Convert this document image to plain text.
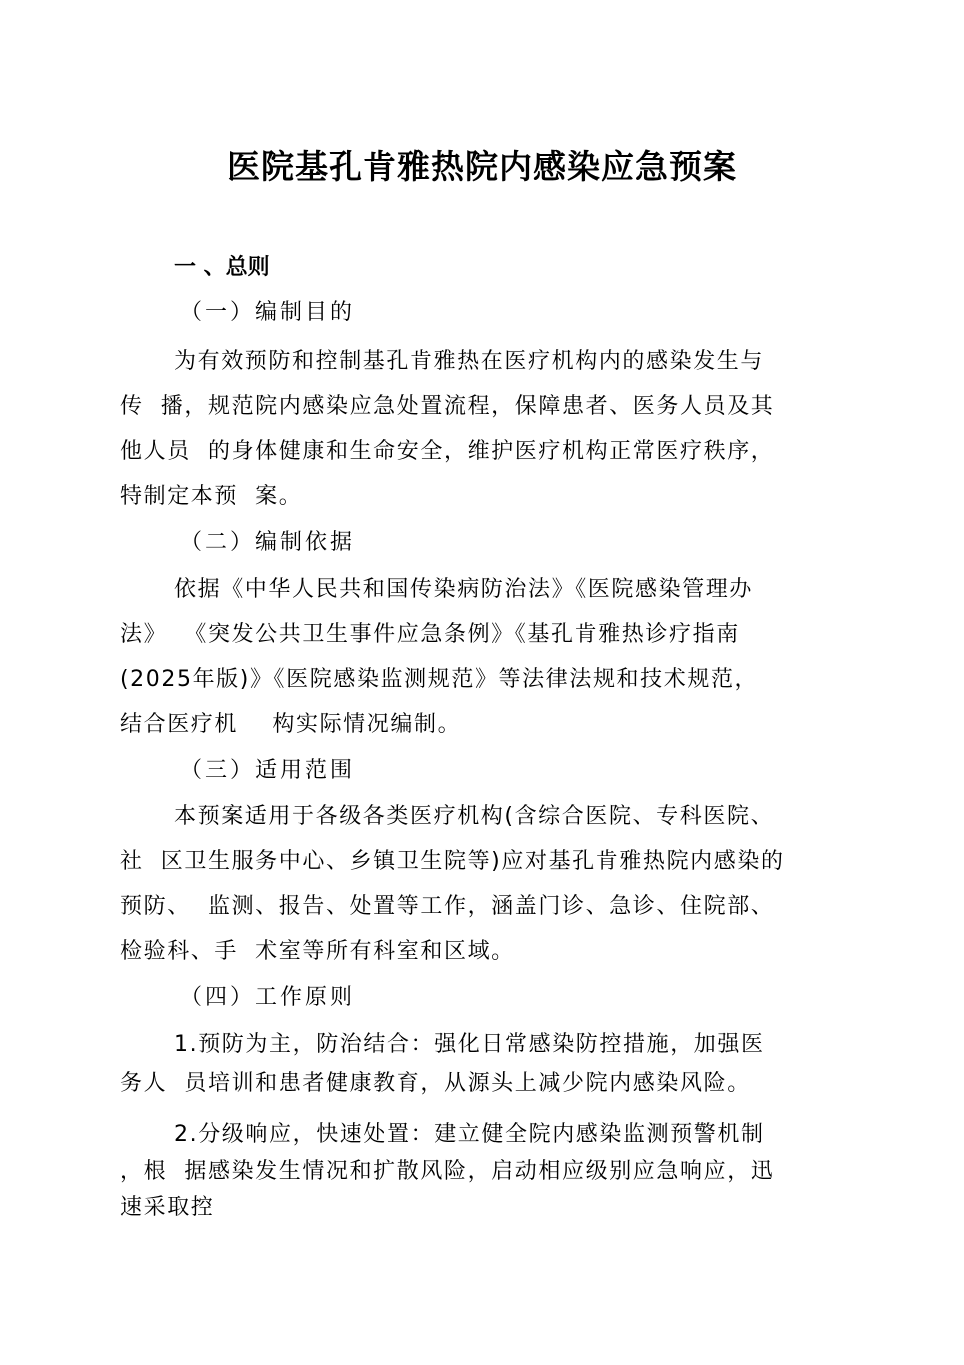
医院基孔肯雅热院内感染应急预案
一 、总则
（一）编制目的
为有效预防和控制基孔肯雅热在医疗机构内的感染发生与
传  播，规范院内感染应急处置流程，保障患者、医务人员及其
他人员  的身体健康和生命安全，维护医疗机构正常医疗秩序，
特制定本预  案。
（二）编制依据
依据《中华人民共和国传染病防治法》《医院感染管理办
法》  《突发公共卫生事件应急条例》《基孔肯雅热诊疗指南
(2025年版)》《医院感染监测规范》等法律法规和技术规范，
结合医疗机    构实际情况编制。
（三）适用范围
本预案适用于各级各类医疗机构(含综合医院、专科医院、
社  区卫生服务中心、乡镇卫生院等)应对基孔肯雅热院内感染的
预防、  监测、报告、处置等工作，涵盖门诊、急诊、住院部、
检验科、手  术室等所有科室和区域。
（四）工作原则
1.预防为主，防治结合：强化日常感染防控措施，加强医
务人  员培训和患者健康教育，从源头上减少院内感染风险。
2.分级响应，快速处置：建立健全院内感染监测预警机制
，根  据感染发生情况和扩散风险，启动相应级别应急响应，迅
速采取控
